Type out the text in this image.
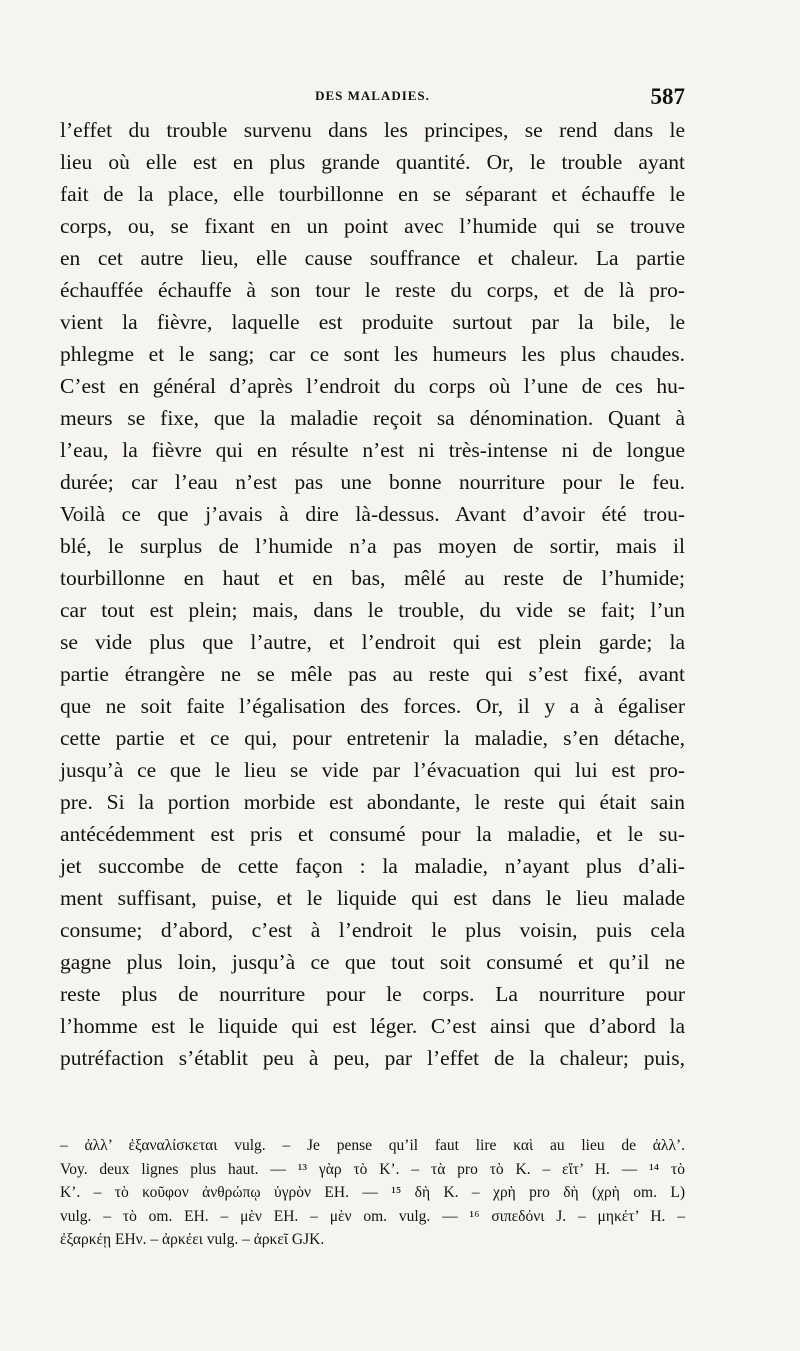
DES MALADIES.	587
l’effet du trouble survenu dans les principes, se rend dans le
lieu où elle est en plus grande quantité. Or, le trouble ayant
fait de la place, elle tourbillonne en se séparant et échauffe le
corps, ou, se fixant en un point avec l’humide qui se trouve
en cet autre lieu, elle cause souffrance et chaleur. La partie
échauffée échauffe à son tour le reste du corps, et de là pro-
vient la fièvre, laquelle est produite surtout par la bile, le
phlegme et le sang; car ce sont les humeurs les plus chaudes.
C’est en général d’après l’endroit du corps où l’une de ces hu-
meurs se fixe, que la maladie reçoit sa dénomination. Quant à
l’eau, la fièvre qui en résulte n’est ni très-intense ni de longue
durée; car l’eau n’est pas une bonne nourriture pour le feu.
Voilà ce que j’avais à dire là-dessus. Avant d’avoir été trou-
blé, le surplus de l’humide n’a pas moyen de sortir, mais il
tourbillonne en haut et en bas, mêlé au reste de l’humide;
car tout est plein; mais, dans le trouble, du vide se fait; l’un
se vide plus que l’autre, et l’endroit qui est plein garde; la
partie étrangère ne se mêle pas au reste qui s’est fixé, avant
que ne soit faite l’égalisation des forces. Or, il y a à égaliser
cette partie et ce qui, pour entretenir la maladie, s’en détache,
jusqu’à ce que le lieu se vide par l’évacuation qui lui est pro-
pre. Si la portion morbide est abondante, le reste qui était sain
antécédemment est pris et consumé pour la maladie, et le su-
jet succombe de cette façon : la maladie, n’ayant plus d’ali-
ment suffisant, puise, et le liquide qui est dans le lieu malade
consume; d’abord, c’est à l’endroit le plus voisin, puis cela
gagne plus loin, jusqu’à ce que tout soit consumé et qu’il ne
reste plus de nourriture pour le corps. La nourriture pour
l’homme est le liquide qui est léger. C’est ainsi que d’abord la
putréfaction s’établit peu à peu, par l’effet de la chaleur; puis,
– ἀλλ’ ἐξαναλίσκεται vulg. – Je pense qu’il faut lire καὶ au lieu de ἀλλ’.
Voy. deux lignes plus haut. — ¹³ γὰρ τὸ K’. – τὰ pro τὸ K. – εἴτ’ H. — ¹⁴ τὸ
K’. – τὸ κοῦφον ἀνθρώπῳ ὑγρὸν EH. — ¹⁵ δὴ K. – χρὴ pro δὴ (χρὴ om. L)
vulg. – τὸ om. EH. – μὲν EH. – μὲν om. vulg. — ¹⁶ σιπεδόνι J. – μηκέτ’ H. –
ἐξαρκέῃ EHν. – ἀρκέει vulg. – ἀρκεῖ GJK.
